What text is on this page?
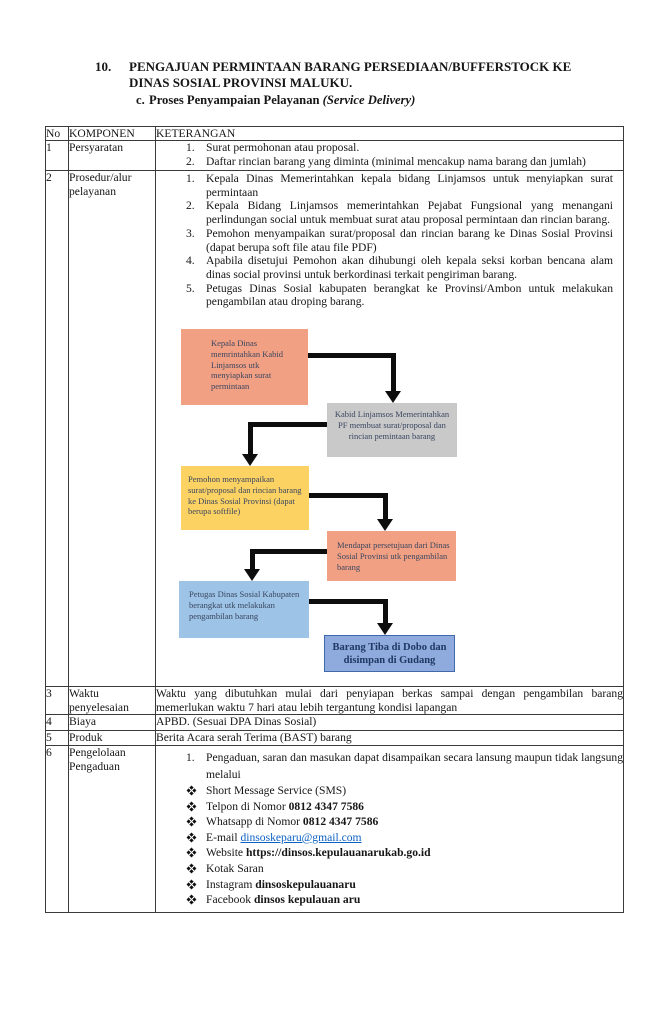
10.	PENGAJUAN PERMINTAAN BARANG PERSEDIAAN/BUFFERSTOCK KE
DINAS SOSIAL PROVINSI MALUKU.
c. Proses Penyampaian Pelayanan (Service Delivery)
No	KOMPONEN	KETERANGAN
1	Persyaratan	1. Surat permohonan atau proposal.
2. Daftar rincian barang yang diminta (minimal mencakup nama barang dan jumlah)

2	Prosedur/alur pelayanan	
1. Kepala Dinas Memerintahkan kepala bidang Linjamsos untuk menyiapkan surat permintaan
2. Kepala Bidang Linjamsos memerintahkan Pejabat Fungsional yang menangani perlindungan social untuk membuat surat atau proposal permintaan dan rincian barang.
3. Pemohon menyampaikan surat/proposal dan rincian barang ke Dinas Sosial Provinsi (dapat berupa soft file atau file PDF)
4. Apabila disetujui Pemohon akan dihubungi oleh kepala seksi korban bencana alam dinas social provinsi untuk berkordinasi terkait pengiriman barang.
5. Petugas Dinas Sosial kabupaten berangkat ke Provinsi/Ambon untuk melakukan pengambilan atau droping barang.
Kepala Dinas memrintahkan Kabid Linjamsos utk menyiapkan surat permintaan
Kabid Linjamsos Memerintahkan PF membuat surat/proposal dan rincian pemintaan barang
Pemohon menyampaikan surat/proposal dan rincian barang ke Dinas Sosial Provinsi (dapat berupa softfile)
Mendapat persetujuan dari Dinas Sosial Provinsi utk pengambilan barang
Petugas Dinas Sosial Kabupaten berangkat utk melakukan pengambilan barang
Barang Tiba di Dobo dan disimpan di Gudang

3	Waktu penyelesaian	Waktu yang dibutuhkan mulai dari penyiapan berkas sampai dengan pengambilan barang memerlukan waktu 7 hari atau lebih tergantung kondisi lapangan
4	Biaya	APBD. (Sesuai DPA Dinas Sosial)
5	Produk	Berita Acara serah Terima (BAST) barang
6	Pengelolaan Pengaduan	
1. Pengaduan, saran dan masukan dapat disampaikan secara lansung maupun tidak langsung melalui
Short Message Service (SMS)
Telpon di Nomor 0812 4347 7586
Whatsapp di Nomor 0812 4347 7586
E-mail dinsoskeparu@gmail.com
Website https://dinsos.kepulauanarukab.go.id
Kotak Saran
Instagram dinsoskepulauanaru
Facebook dinsos kepulauan aru
